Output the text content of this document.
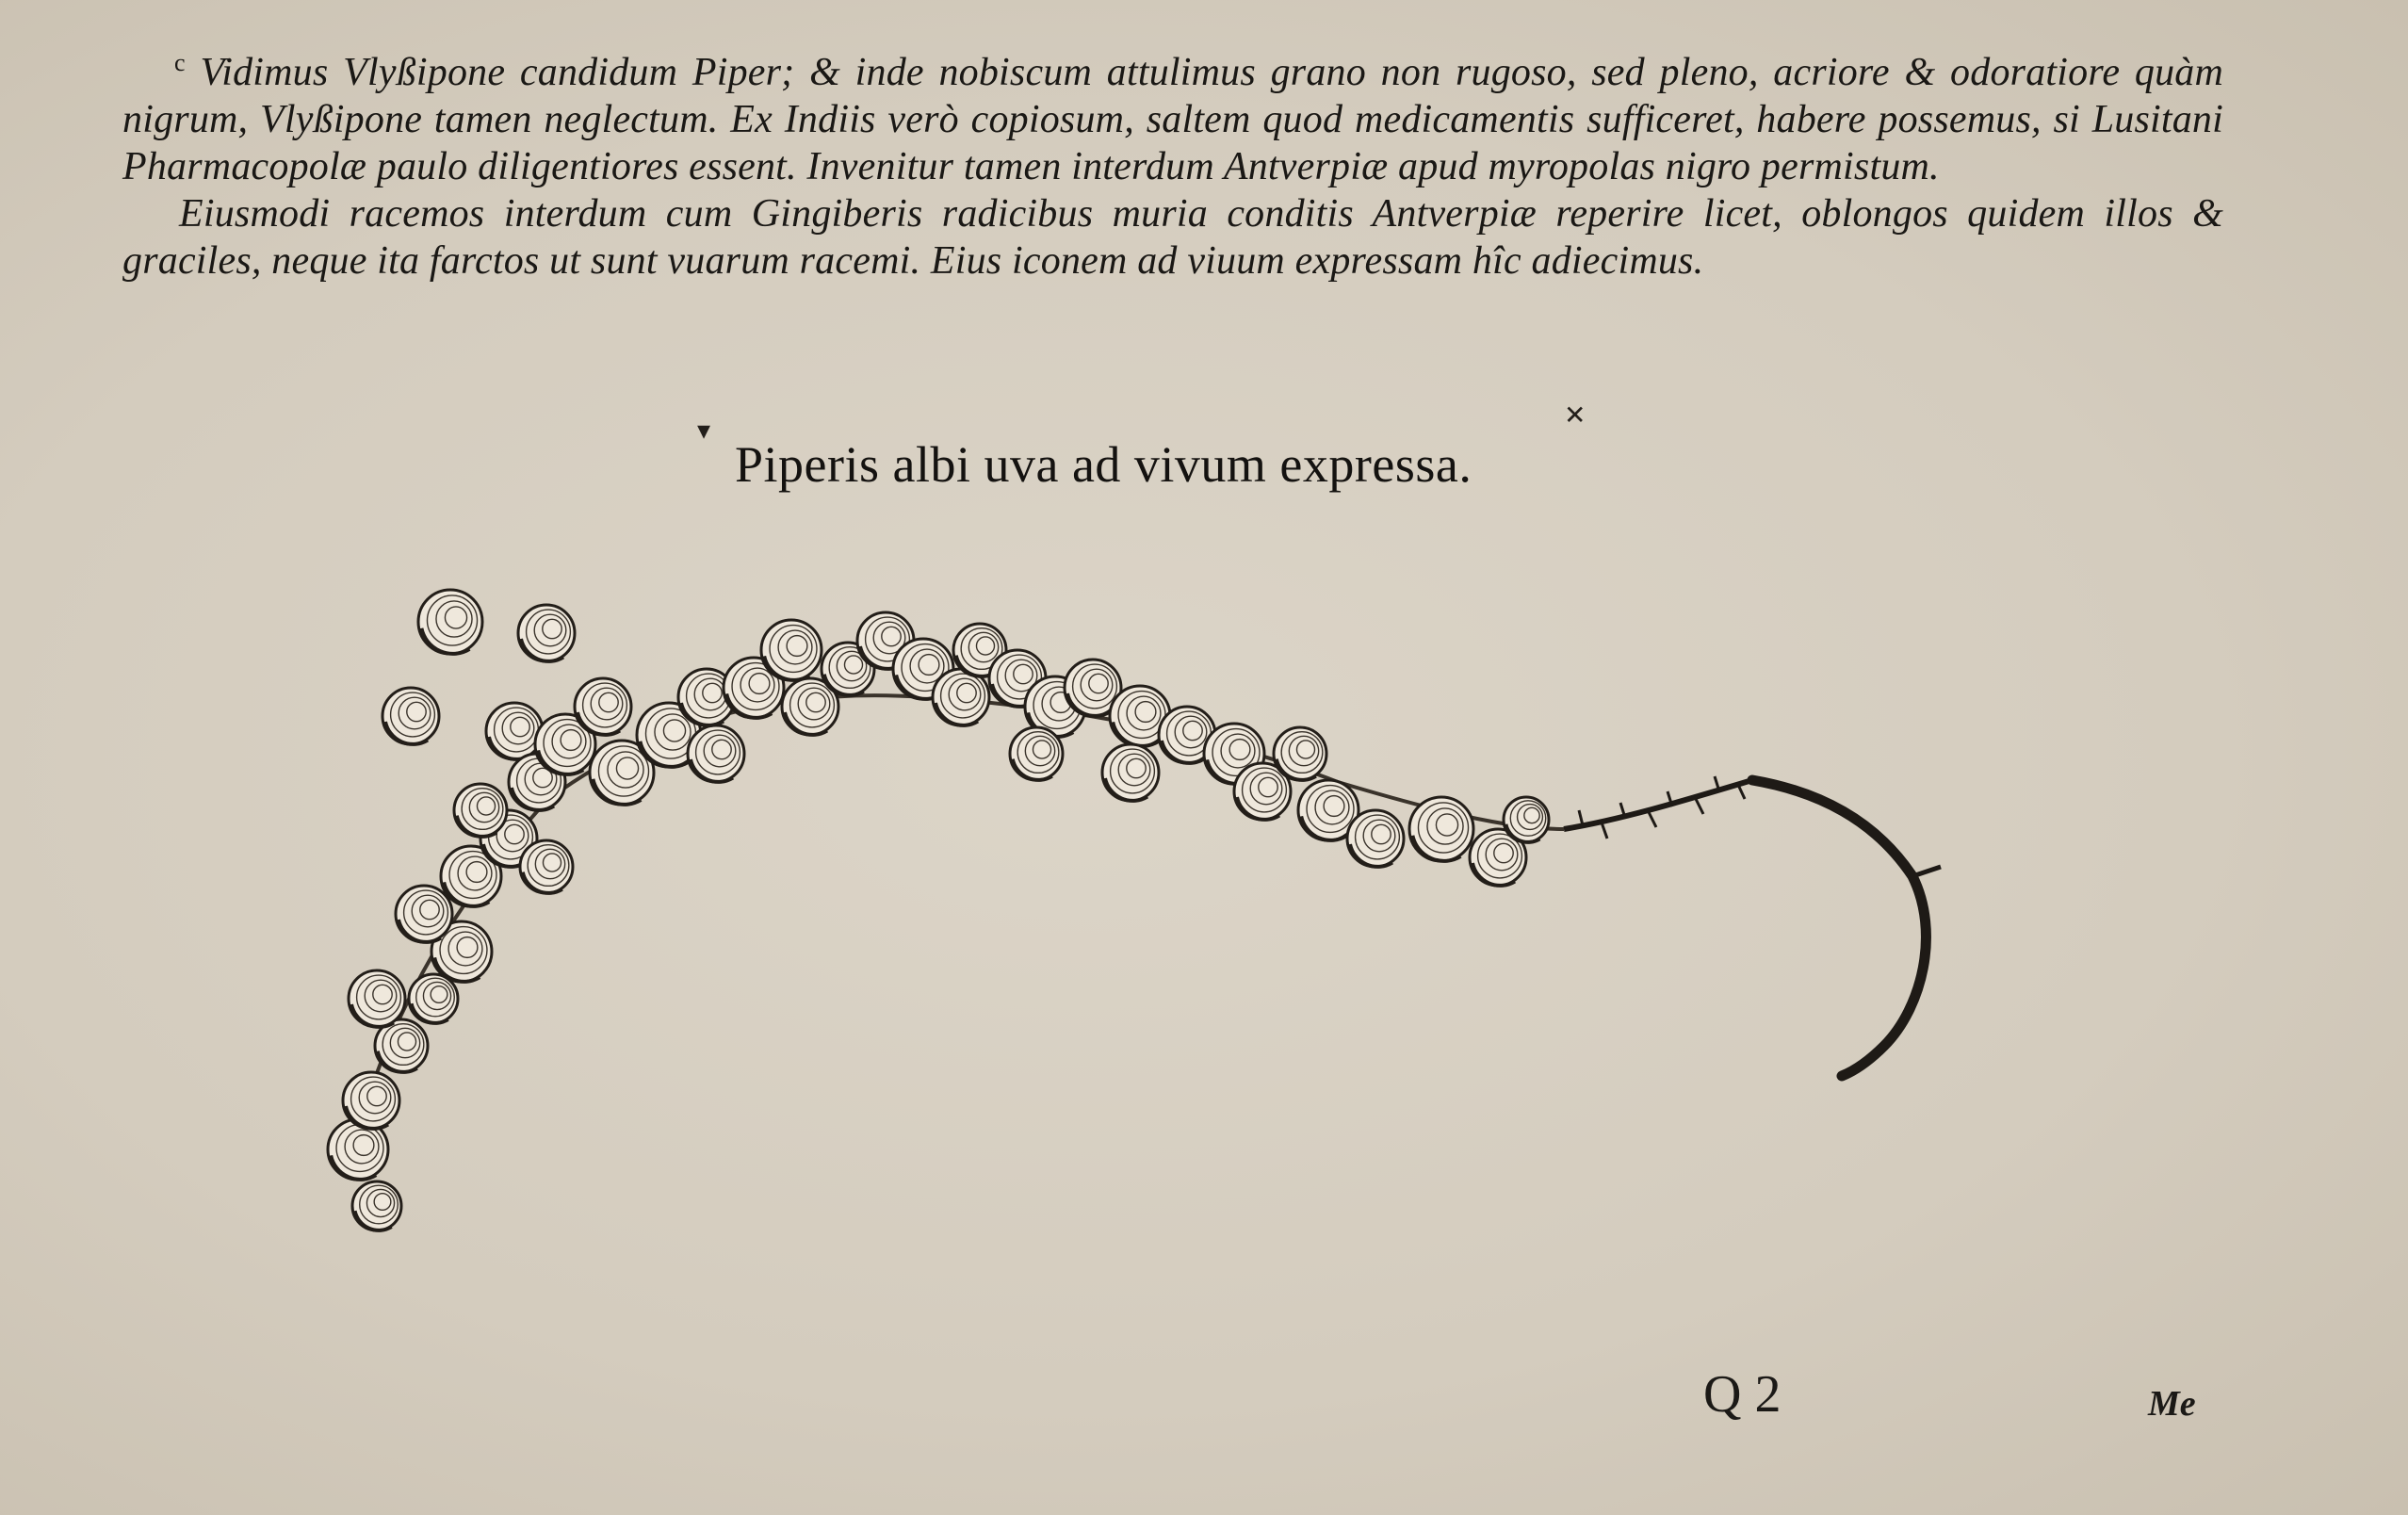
$^c$ Vidimus Vlyßipone candidum Piper; & inde nobiscum attulimus grano non rugoso, sed pleno, acriore & odoratiore quàm nigrum, Vlyßipone tamen neglectum. Ex Indiis verò copiosum, saltem quod medicamentis sufficeret, habere possemus, si Lusitani Pharmacopolæ paulo diligentiores essent. Invenitur tamen interdum Antverpiæ apud myropolas nigro permistum.

Eiusmodi racemos interdum cum Gingiberis radicibus muria conditis Antverpiæ reperire licet, oblongos quidem illos & graciles, neque ita farctos ut sunt vuarum racemi. Eius iconem ad viuum expressam hîc adiecimus.

Piperis albi uva ad vivum expressa.
✕
▾
Q 2	Me
